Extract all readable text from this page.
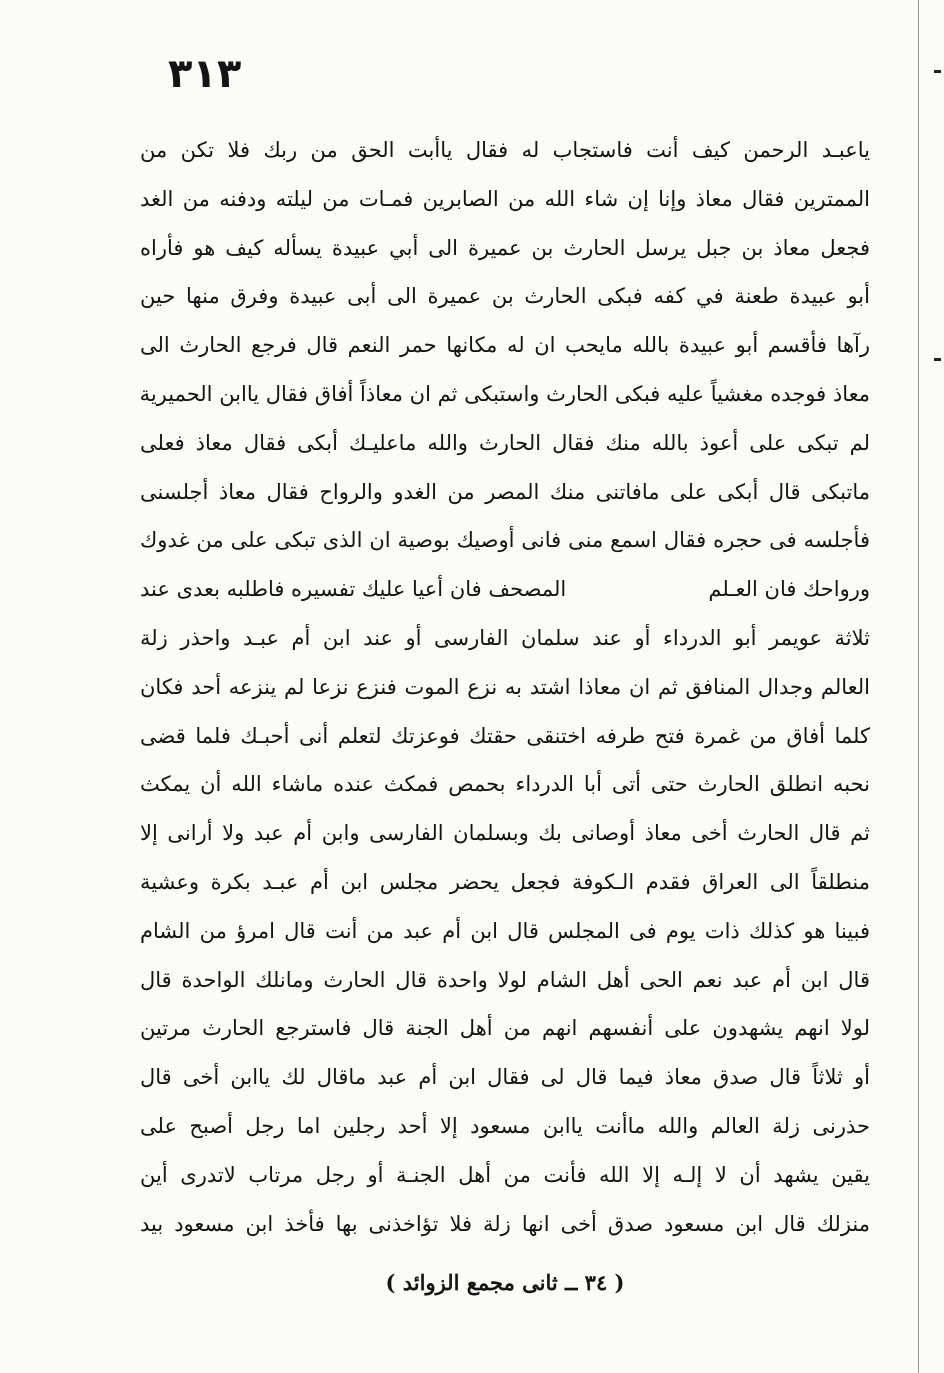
٣١٣
ياعبـد الرحمن كيف أنت فاستجاب له فقال ياأبت الحق من ربك فلا تكن من
الممترين فقال معاذ وإنا إن شاء الله من الصابرين فمـات من ليلته ودفنه من الغد
فجعل معاذ بن جبل يرسل الحارث بن عميرة الى أبي عبيدة يسأله كيف هو فأراه
أبو عبيدة طعنة في كفه فبكى الحارث بن عميرة الى أبى عبيدة وفرق منها حين
رآها فأقسم أبو عبيدة بالله مايحب ان له مكانها حمر النعم قال فرجع الحارث الى
معاذ فوجده مغشياً عليه فبكى الحارث واستبكى ثم ان معاذاً أفاق فقال ياابن الحميرية
لم تبكى على أعوذ بالله منك فقال الحارث والله ماعليـك أبكى فقال معاذ فعلى
ماتبكى قال أبكى على مافاتنى منك المصر من الغدو والرواح فقال معاذ أجلسنى
فأجلسه فى حجره فقال اسمع منى فانى أوصيك بوصية ان الذى تبكى على من غدوك
ورواحك فان العـلم
المصحف فان أعيا عليك تفسيره فاطلبه بعدى عند
ثلاثة عويمر أبو الدرداء أو عند سلمان الفارسى أو عند ابن أم عبـد واحذر زلة
العالم وجدال المنافق ثم ان معاذا اشتد به نزع الموت فنزع نزعا لم ينزعه أحد فكان
كلما أفاق من غمرة فتح طرفه اختنقى حقتك فوعزتك لتعلم أنى أحبـك فلما قضى
نحبه انطلق الحارث حتى أتى أبا الدرداء بحمص فمكث عنده ماشاء الله أن يمكث
ثم قال الحارث أخى معاذ أوصانى بك وبسلمان الفارسى وابن أم عبد ولا أرانى إلا
منطلقاً الى العراق فقدم الـكوفة فجعل يحضر مجلس ابن أم عبـد بكرة وعشية
فبينا هو كذلك ذات يوم فى المجلس قال ابن أم عبد من أنت قال امرؤ من الشام
قال ابن أم عبد نعم الحى أهل الشام لولا واحدة قال الحارث ومانلك الواحدة قال
لولا انهم يشهدون على أنفسهم انهم من أهل الجنة قال فاسترجع الحارث مرتين
أو ثلاثاً قال صدق معاذ فيما قال لى فقال ابن أم عبد ماقال لك ياابن أخى قال
حذرنى زلة العالم والله ماأنت ياابن مسعود إلا أحد رجلين اما رجل أصبح على
يقين يشهد أن لا إلـه إلا الله فأنت من أهل الجنـة أو رجل مرتاب لاتدرى أين
منزلك قال ابن مسعود صدق أخى انها زلة فلا تؤاخذنى بها فأخذ ابن مسعود بيد
( ٣٤ ــ ثانى مجمع الزوائد )
